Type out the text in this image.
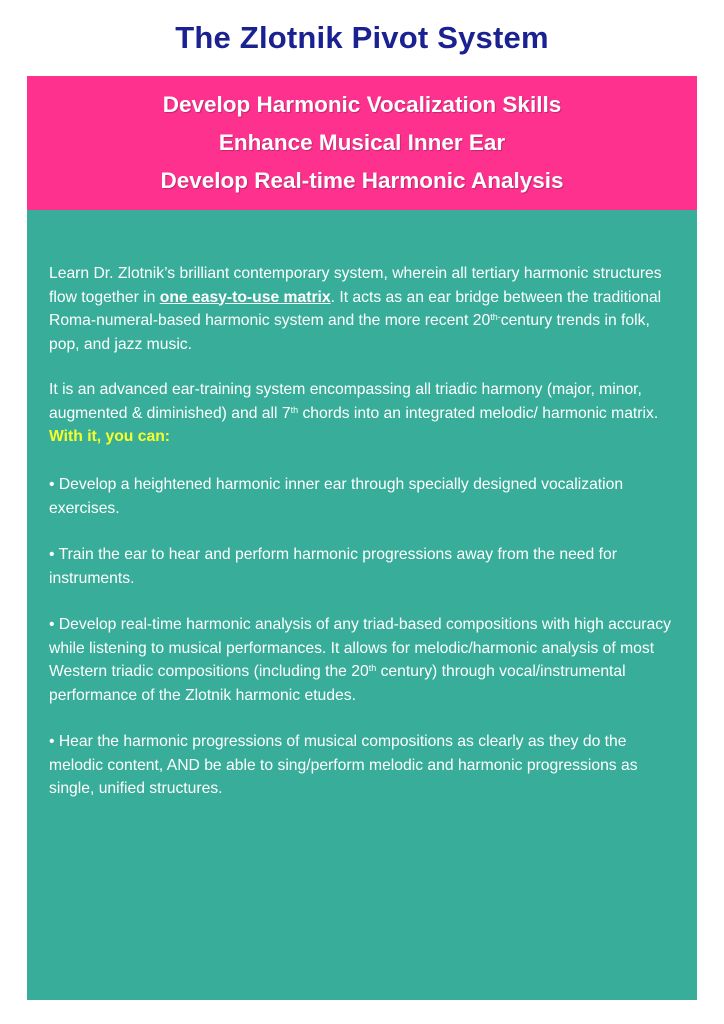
The Zlotnik Pivot System
Develop Harmonic Vocalization Skills
Enhance Musical Inner Ear
Develop Real-time Harmonic Analysis

Learn Dr. Zlotnik’s brilliant contemporary system, wherein all tertiary harmonic structures flow together in one easy-to-use matrix. It acts as an ear bridge between the traditional Roma-numeral-based harmonic system and the more recent $20^{th-}century$ trends in folk, pop, and jazz music.

It is an advanced ear-training system encompassing all triadic harmony (major, minor, augmented & diminished) and all 7th chords into an integrated melodic/ harmonic matrix. With it, you can:

• Develop a heightened harmonic inner ear through specially designed vocalization exercises.

• Train the ear to hear and perform harmonic progressions away from the need for instruments.

• Develop real-time harmonic analysis of any triad-based compositions with high accuracy while listening to musical performances. It allows for melodic/harmonic analysis of most Western triadic compositions (including the 20th century) through vocal/instrumental performance of the Zlotnik harmonic etudes.

• Hear the harmonic progressions of musical compositions as clearly as they do the melodic content, AND be able to sing/perform melodic and harmonic progressions as single, unified structures.
